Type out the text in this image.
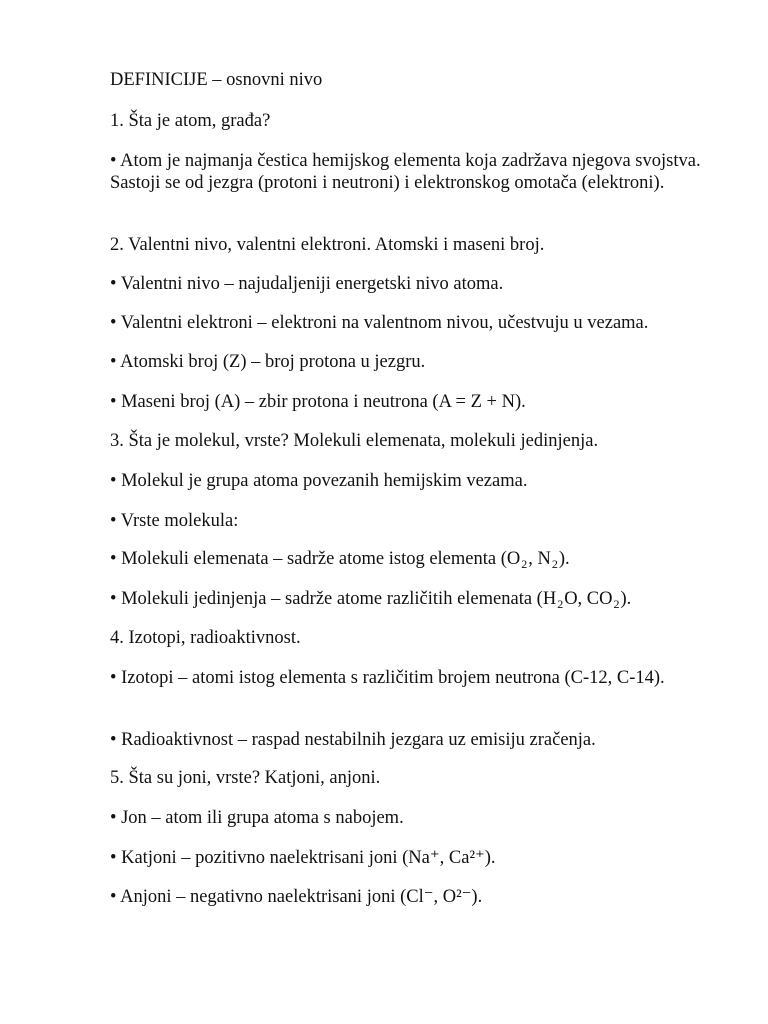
DEFINICIJE – osnovni nivo

1. Šta je atom, građa?

• Atom je najmanja čestica hemijskog elementa koja zadržava njegova svojstva. Sastoji se od jezgra (protoni i neutroni) i elektronskog omotača (elektroni).

2. Valentni nivo, valentni elektroni. Atomski i maseni broj.

• Valentni nivo – najudaljeniji energetski nivo atoma.

• Valentni elektroni – elektroni na valentnom nivou, učestvuju u vezama.

• Atomski broj (Z) – broj protona u jezgru.

• Maseni broj (A) – zbir protona i neutrona (A = Z + N).

3. Šta je molekul, vrste? Molekuli elemenata, molekuli jedinjenja.

• Molekul je grupa atoma povezanih hemijskim vezama.

• Vrste molekula:

• Molekuli elemenata – sadrže atome istog elementa ($O_2$, $N_2$).

• Molekuli jedinjenja – sadrže atome različitih elemenata ($H_2O$, $CO_2$).

4. Izotopi, radioaktivnost.

• Izotopi – atomi istog elementa s različitim brojem neutrona (C-12, C-14).

• Radioaktivnost – raspad nestabilnih jezgara uz emisiju zračenja.

5. Šta su joni, vrste? Katjoni, anjoni.

• Jon – atom ili grupa atoma s nabojem.

• Katjoni – pozitivno naelektrisani joni (Na⁺, Ca²⁺).

• Anjoni – negativno naelektrisani joni (Cl⁻, O²⁻).
